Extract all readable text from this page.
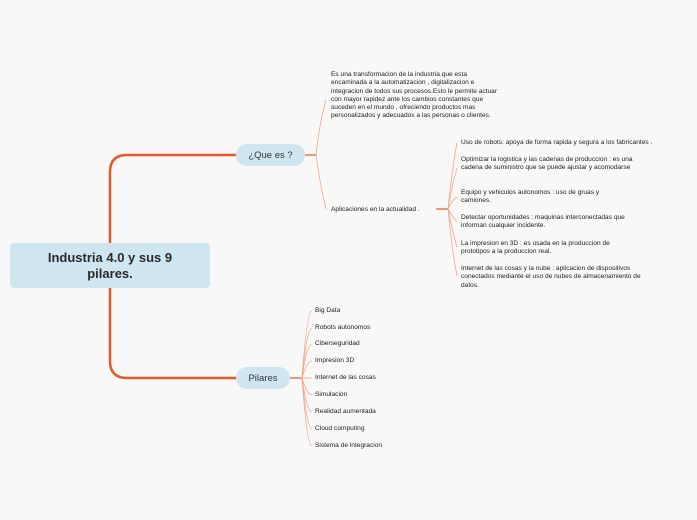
Industria 4.0 y sus 9 pilares.
¿Que es ?
Pilares
Es una transformacion de la industria que esta encaminada a la automatizacion , digitalizacion e integracion de todos sus procesos.Esto le permite actuar con mayor rapidez ante los cambios constantes que suceden en el mundo , ofreciendo productos mas personalizados y adecuados a las personas o clientes.
Aplicaciones en la actualidad .
Uso de robots: apoya de forma rapida y segura a los fabricantes .
Optimizar la logistica y las cadenas de produccion : es una cadena de suministro que se puede ajustar y acomodarse
Equipo y vehiculos autonomos : uso de gruas y camiones.
Detectar oportunidades : maquinas interconectadas que informan cualquier incidente.
La impresion en 3D : es usada en la produccion de prototipos a la produccion real.
Internet de las cosas y la nube : aplicacion de dispositivos conectados mediante el uso de nubes de almacenamiento de datos.
Big Data
Robots autonomos
Ciberseguridad
Impresion 3D
Internet de las cosas
Simulacion
Realidad aumentada
Cloud computing
Sistema de integracion
